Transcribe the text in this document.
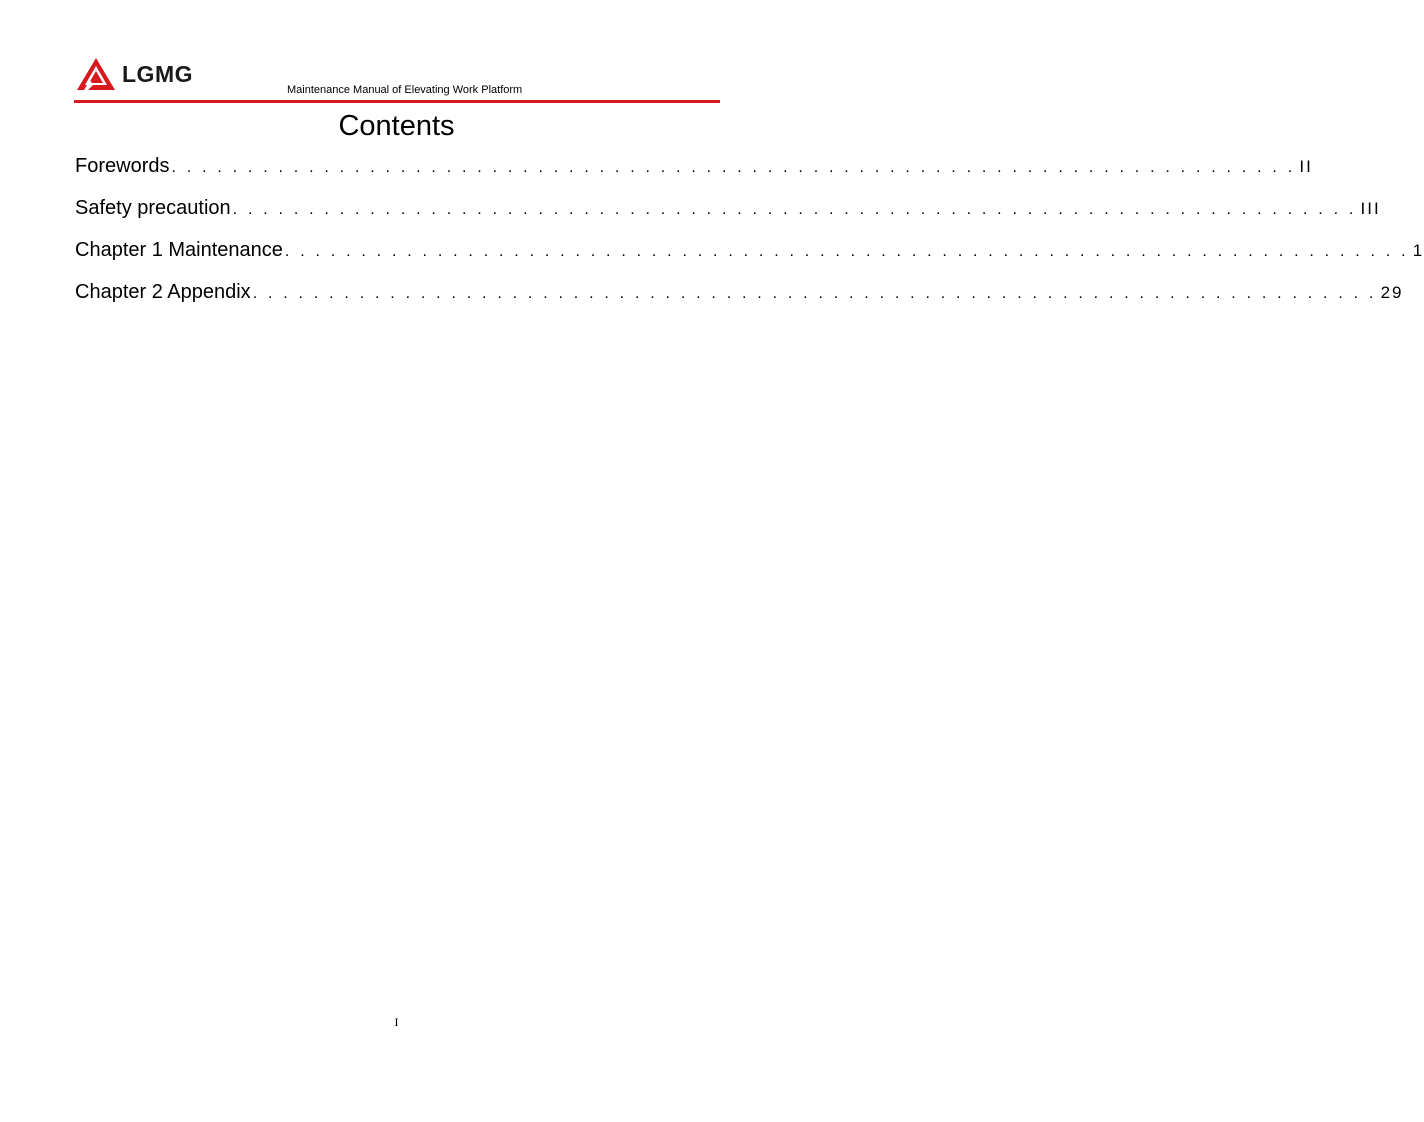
LGMG
Maintenance Manual of Elevating Work Platform
Contents
Forewords . . . . . . . . . . . . . . . . . . . . . . . . . . . . . . . . . . . . . . . . . . . . . . . . . . . . . . . . . . . . . . . . . . . . . . . . . . II
Safety precaution . . . . . . . . . . . . . . . . . . . . . . . . . . . . . . . . . . . . . . . . . . . . . . . . . . . . . . . . . . . . . . . . . . . . . . . . . . III
Chapter 1 Maintenance . . . . . . . . . . . . . . . . . . . . . . . . . . . . . . . . . . . . . . . . . . . . . . . . . . . . . . . . . . . . . . . . . . . . . . . . . . 1
Chapter 2 Appendix . . . . . . . . . . . . . . . . . . . . . . . . . . . . . . . . . . . . . . . . . . . . . . . . . . . . . . . . . . . . . . . . . . . . . . . . . . 29
I
